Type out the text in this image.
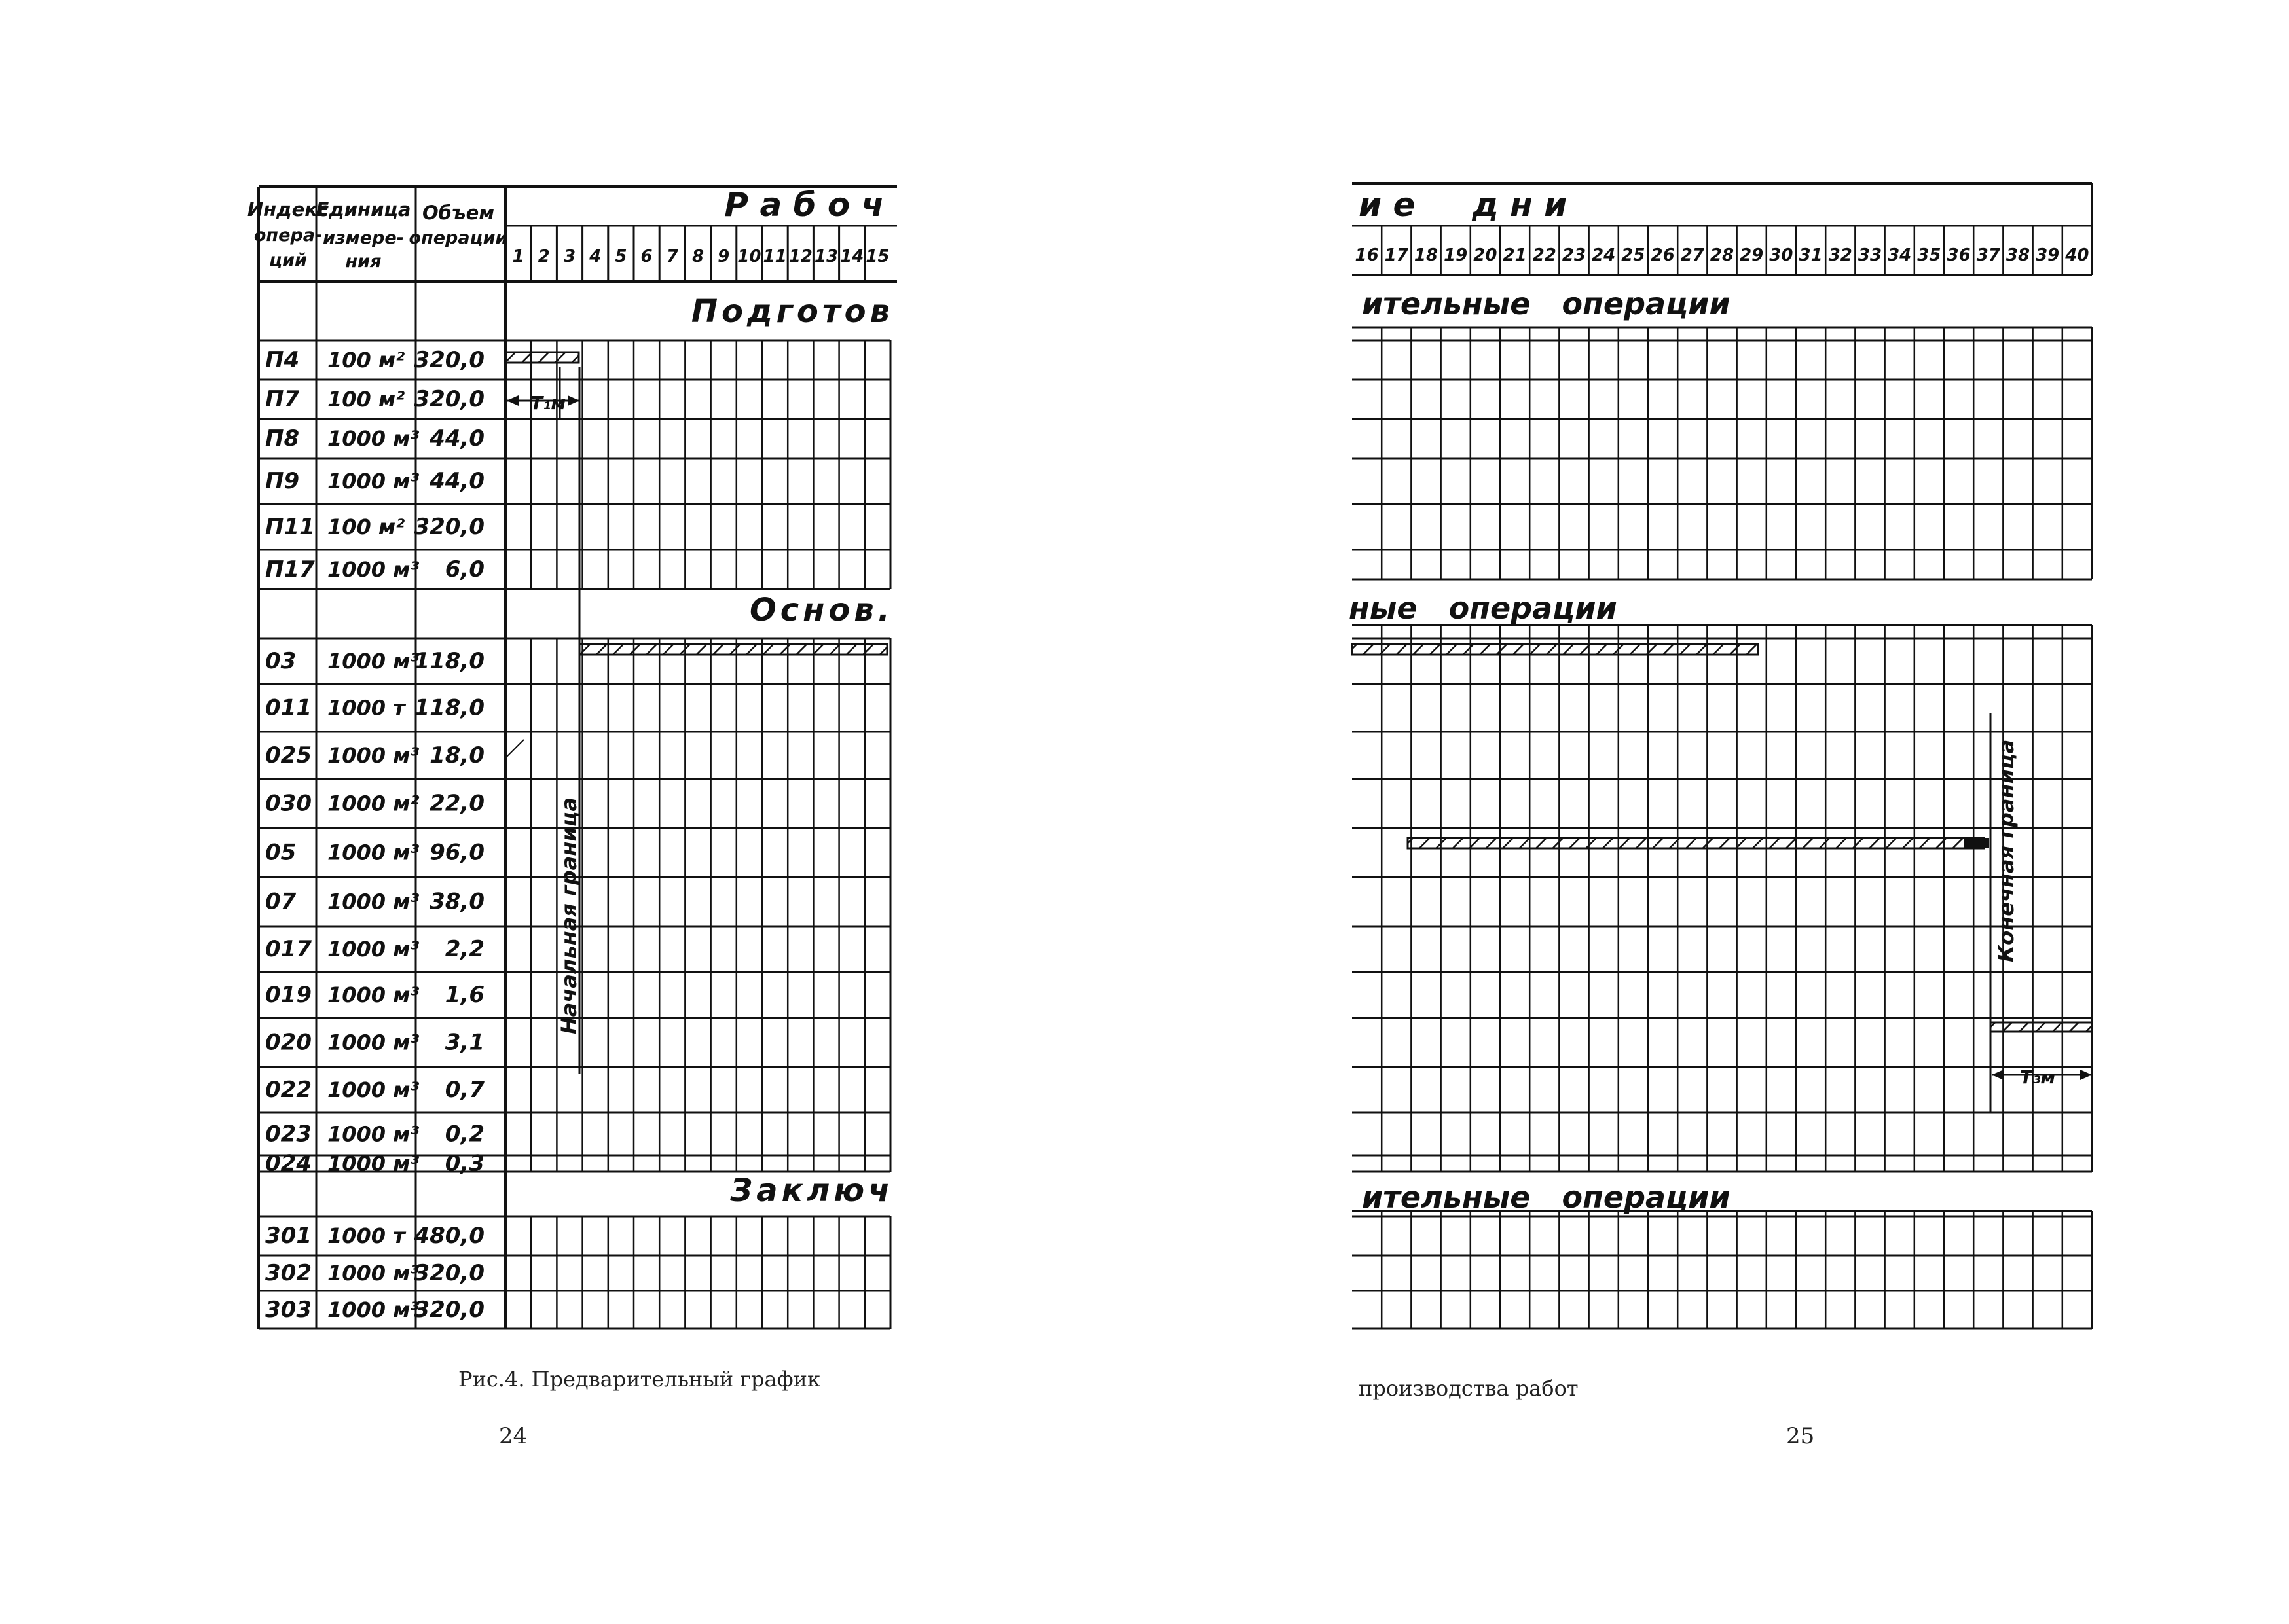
Индекс
опера-
ций
Единица
измере-
ния
Объем
операции
Р а б о ч
1 2 3 4 5 6 7 8 9 10 11 12 13 14 15
П4 100 м² 320,0
П7 100 м² 320,0
П8 1000 м³ 44,0
П9 1000 м³ 44,0
П11 100 м² 320,0
П17 1000 м³ 6,0
03 1000 м³
118,0
011 1000 т 118,0
025 1000 м³ 18,0
030 1000 м² 22,0
05 1000 м³ 96,0
07 1000 м³ 38,0
017 1000 м³ 2,2
019 1000 м³ 1,6
020 1000 м³ 3,1
022 1000 м³ 0,7
023 1000 м³ 0,2
024 1000 м³ 0,3
301 1000 т 480,0
302 1000 м³
320,0
303 1000 м³
320,0
Подготов
Основ.
Заключ
T₁м
Начальная граница
Рис.4. Предварительный график
24
и е     д н и
16 17 18 19 20 21 22 23 24 25 26 27 28 29 30 31 32 33 34 35 36 37 38 39 40
ительные   операции
ные   операции
ительные   операции
Конечная граница
T₃м
производства работ
25
